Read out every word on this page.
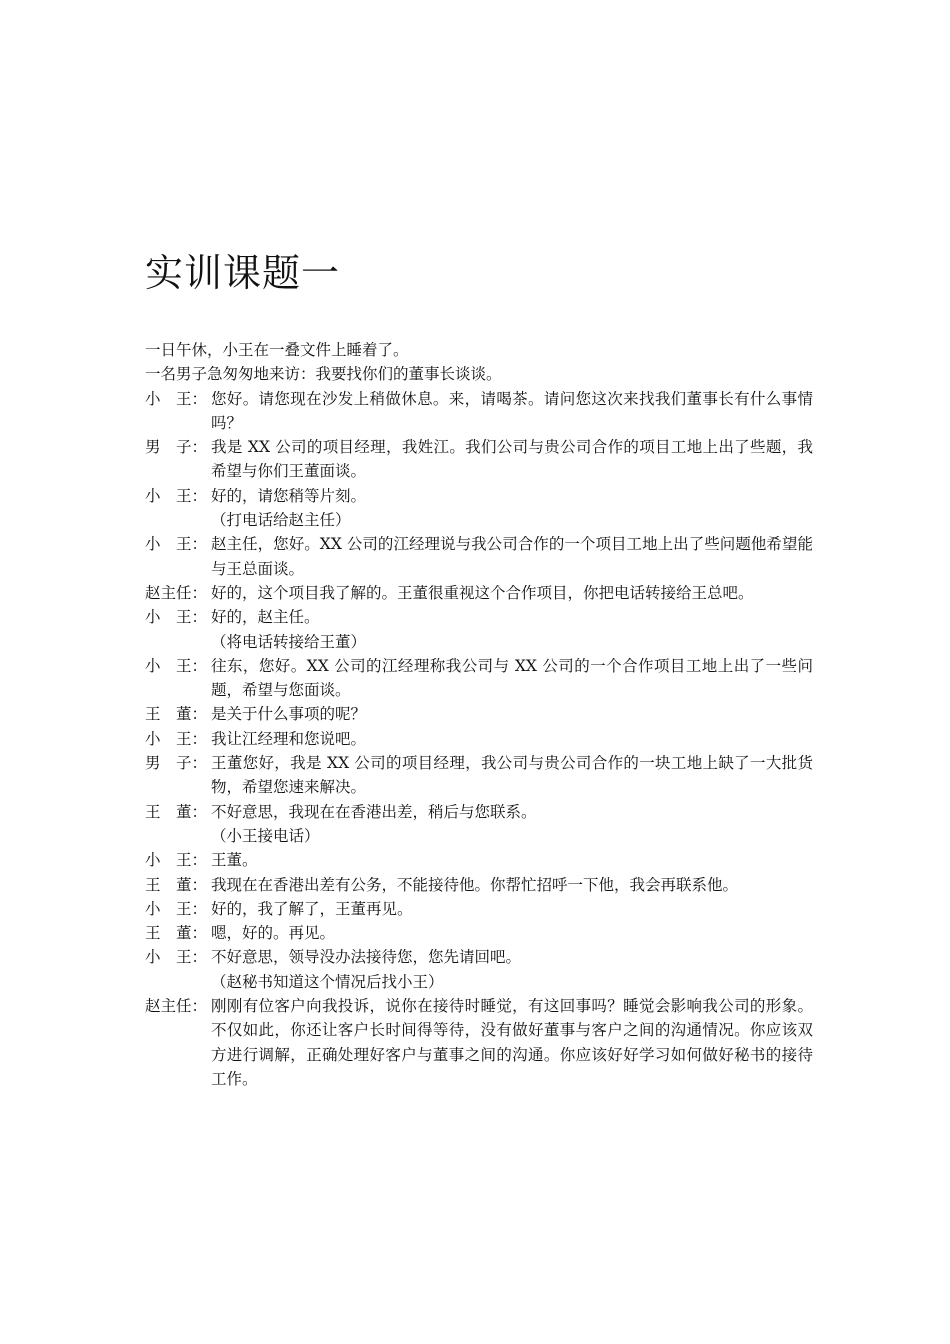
实训课题一
一日午休，小王在一叠文件上睡着了。
一名男子急匆匆地来访：我要找你们的董事长谈谈。
小　王： 您好。请您现在沙发上稍做休息。来，请喝茶。请问您这次来找我们董事长有什么事情吗？
男　子： 我是 XX 公司的项目经理，我姓江。我们公司与贵公司合作的项目工地上出了些题，我希望与你们王董面谈。
小　王： 好的，请您稍等片刻。
（打电话给赵主任）
小　王： 赵主任，您好。XX 公司的江经理说与我公司合作的一个项目工地上出了些问题他希望能与王总面谈。
赵主任： 好的，这个项目我了解的。王董很重视这个合作项目，你把电话转接给王总吧。
小　王： 好的，赵主任。
（将电话转接给王董）
小　王： 往东，您好。XX 公司的江经理称我公司与 XX 公司的一个合作项目工地上出了一些问题，希望与您面谈。
王　董： 是关于什么事项的呢？
小　王： 我让江经理和您说吧。
男　子： 王董您好，我是 XX 公司的项目经理，我公司与贵公司合作的一块工地上缺了一大批货物，希望您速来解决。
王　董： 不好意思，我现在在香港出差，稍后与您联系。
（小王接电话）
小　王： 王董。
王　董： 我现在在香港出差有公务，不能接待他。你帮忙招呼一下他，我会再联系他。
小　王： 好的，我了解了，王董再见。
王　董： 嗯，好的。再见。
小　王： 不好意思，领导没办法接待您，您先请回吧。
（赵秘书知道这个情况后找小王）
赵主任： 刚刚有位客户向我投诉，说你在接待时睡觉，有这回事吗？睡觉会影响我公司的形象。不仅如此，你还让客户长时间得等待，没有做好董事与客户之间的沟通情况。你应该双方进行调解，正确处理好客户与董事之间的沟通。你应该好好学习如何做好秘书的接待工作。
